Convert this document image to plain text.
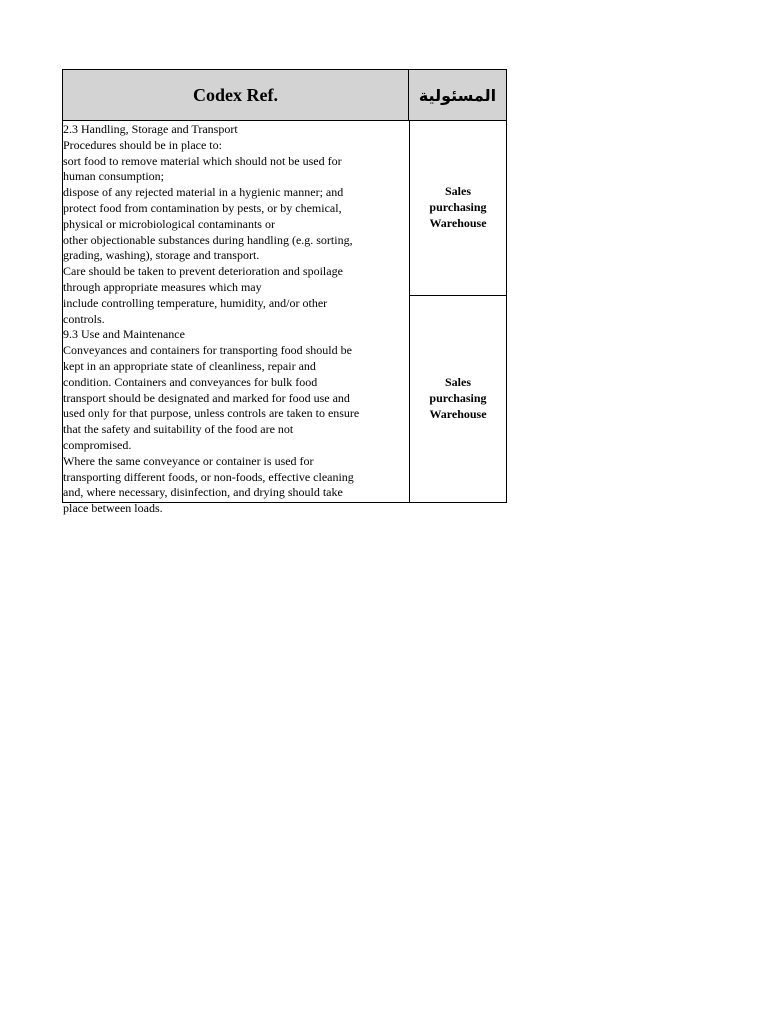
Codex Ref.	المسئولية
Sales
purchasing
Warehouse
Sales
purchasing
Warehouse
2.3 Handling, Storage and Transport
Procedures should be in place to:
sort food to remove material which should not be used for
human consumption;
dispose of any rejected material in a hygienic manner; and
protect food from contamination by pests, or by chemical,
physical or microbiological contaminants or
other objectionable substances during handling (e.g. sorting,
grading, washing), storage and transport.
Care should be taken to prevent deterioration and spoilage
through appropriate measures which may
include controlling temperature, humidity, and/or other
controls.
9.3 Use and Maintenance
Conveyances and containers for transporting food should be
kept in an appropriate state of cleanliness, repair and
condition. Containers and conveyances for bulk food
transport should be designated and marked for food use and
used only for that purpose, unless controls are taken to ensure
that the safety and suitability of the food are not
compromised.
Where the same conveyance or container is used for
transporting different foods, or non-foods, effective cleaning
and, where necessary, disinfection, and drying should take
place between loads.
